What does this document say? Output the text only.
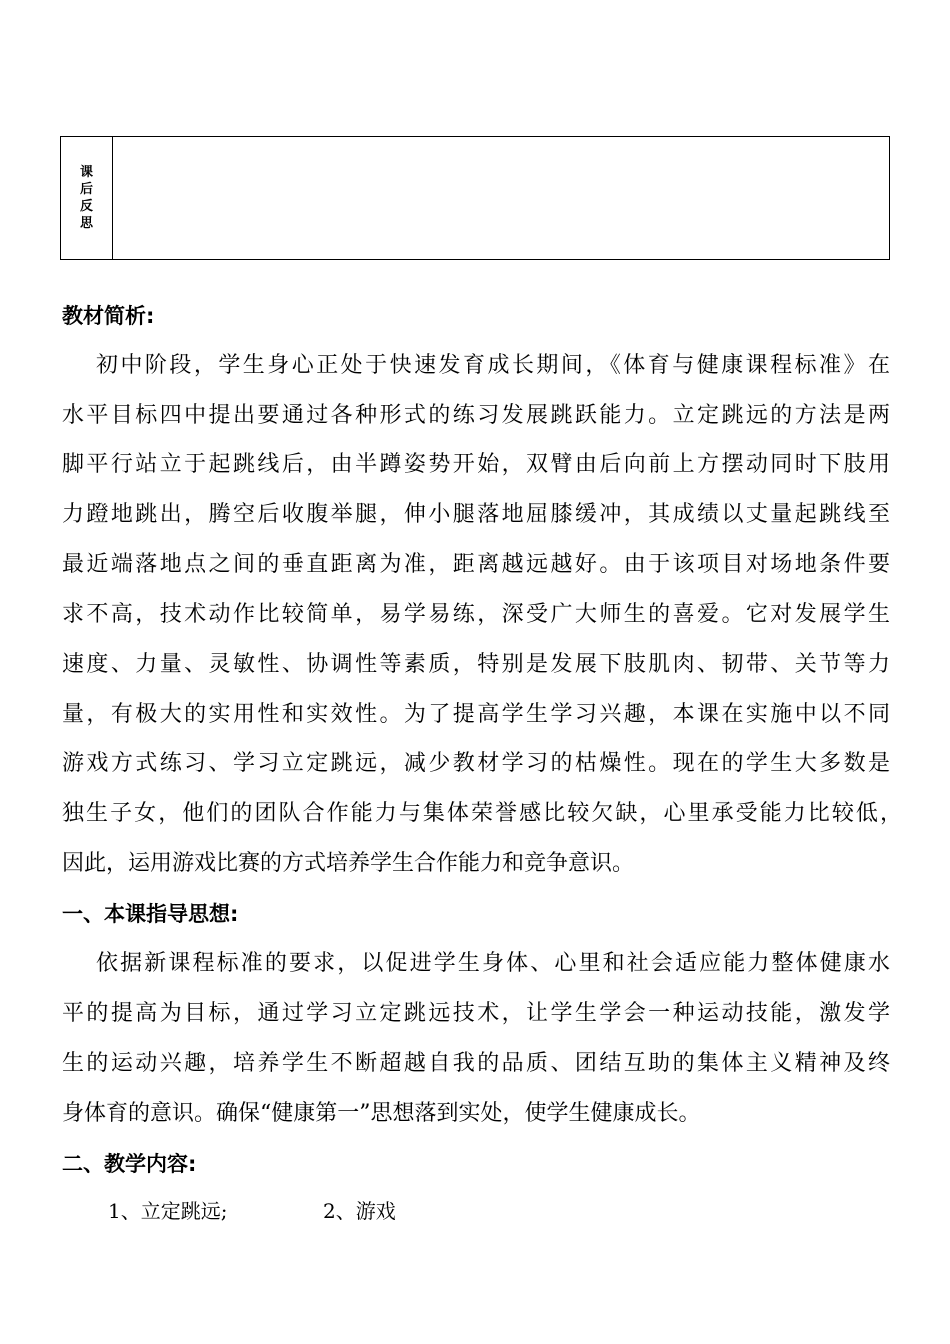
课
后
反
思
教材简析:
初中阶段，学生身心正处于快速发育成长期间，《体育与健康课程标准》在
水平目标四中提出要通过各种形式的练习发展跳跃能力。立定跳远的方法是两
脚平行站立于起跳线后，由半蹲姿势开始，双臂由后向前上方摆动同时下肢用
力蹬地跳出，腾空后收腹举腿，伸小腿落地屈膝缓冲，其成绩以丈量起跳线至
最近端落地点之间的垂直距离为准，距离越远越好。由于该项目对场地条件要
求不高，技术动作比较简单，易学易练，深受广大师生的喜爱。它对发展学生
速度、力量、灵敏性、协调性等素质，特别是发展下肢肌肉、韧带、关节等力
量，有极大的实用性和实效性。为了提高学生学习兴趣，本课在实施中以不同
游戏方式练习、学习立定跳远，减少教材学习的枯燥性。现在的学生大多数是
独生子女，他们的团队合作能力与集体荣誉感比较欠缺，心里承受能力比较低，
因此，运用游戏比赛的方式培养学生合作能力和竞争意识。
一、本课指导思想:
依据新课程标准的要求，以促进学生身体、心里和社会适应能力整体健康水
平的提高为目标，通过学习立定跳远技术，让学生学会一种运动技能，激发学
生的运动兴趣，培养学生不断超越自我的品质、团结互助的集体主义精神及终
身体育的意识。确保“健康第一”思想落到实处，使学生健康成长。
二、教学内容:
1、立定跳远;	2、游戏
